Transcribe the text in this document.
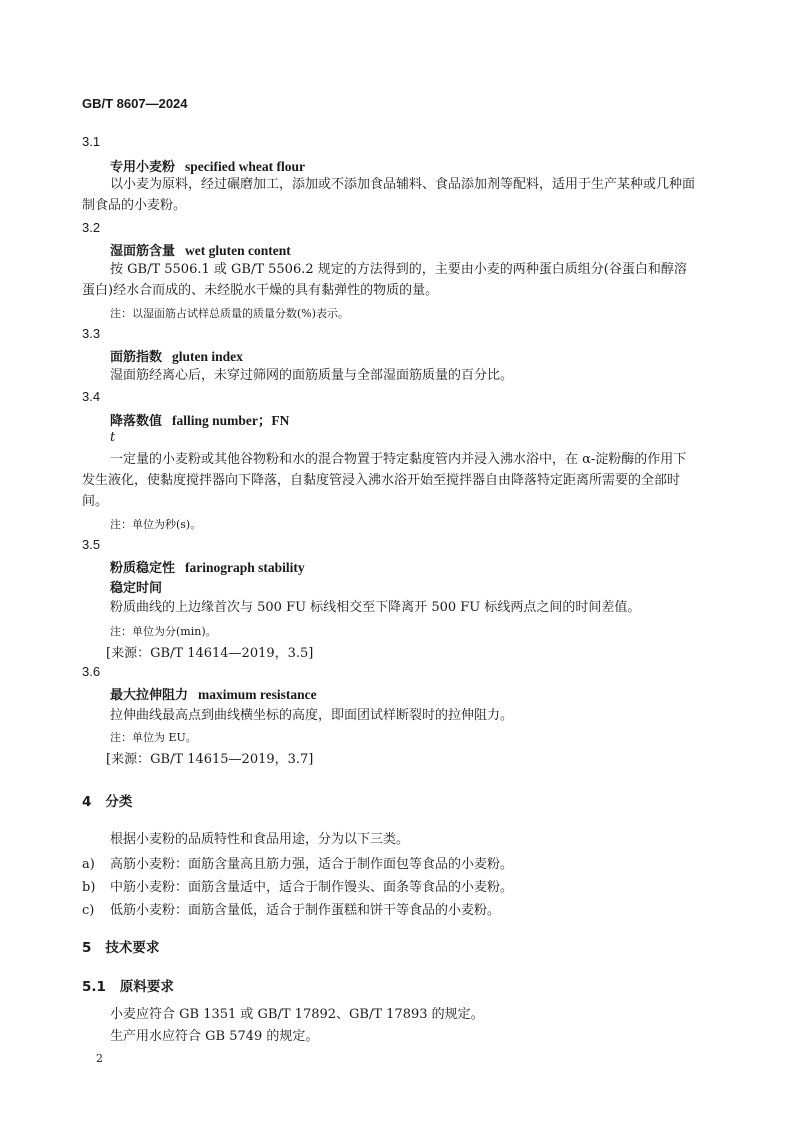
GB/T 8607—2024
3.1
专用小麦粉 specified wheat flour
以小麦为原料，经过碾磨加工，添加或不添加食品辅料、食品添加剂等配料，适用于生产某种或几种面制食品的小麦粉。
3.2
湿面筋含量 wet gluten content
按 GB/T 5506.1 或 GB/T 5506.2 规定的方法得到的，主要由小麦的两种蛋白质组分(谷蛋白和醇溶蛋白)经水合而成的、未经脱水干燥的具有黏弹性的物质的量。
注：以湿面筋占试样总质量的质量分数(%)表示。
3.3
面筋指数 gluten index
湿面筋经离心后，未穿过筛网的面筋质量与全部湿面筋质量的百分比。
3.4
降落数值 falling number；FN
t
一定量的小麦粉或其他谷物粉和水的混合物置于特定黏度管内并浸入沸水浴中，在 α-淀粉酶的作用下发生液化，使黏度搅拌器向下降落，自黏度管浸入沸水浴开始至搅拌器自由降落特定距离所需要的全部时间。
注：单位为秒(s)。
3.5
粉质稳定性 farinograph stability
稳定时间
粉质曲线的上边缘首次与 500 FU 标线相交至下降离开 500 FU 标线两点之间的时间差值。
注：单位为分(min)。
[来源：GB/T 14614—2019，3.5]
3.6
最大拉伸阻力 maximum resistance
拉伸曲线最高点到曲线横坐标的高度，即面团试样断裂时的拉伸阻力。
注：单位为 EU。
[来源：GB/T 14615—2019，3.7]
4 分类
根据小麦粉的品质特性和食品用途，分为以下三类。
a) 高筋小麦粉：面筋含量高且筋力强，适合于制作面包等食品的小麦粉。
b) 中筋小麦粉：面筋含量适中，适合于制作馒头、面条等食品的小麦粉。
c) 低筋小麦粉：面筋含量低，适合于制作蛋糕和饼干等食品的小麦粉。
5 技术要求
5.1 原料要求
小麦应符合 GB 1351 或 GB/T 17892、GB/T 17893 的规定。
生产用水应符合 GB 5749 的规定。
2
